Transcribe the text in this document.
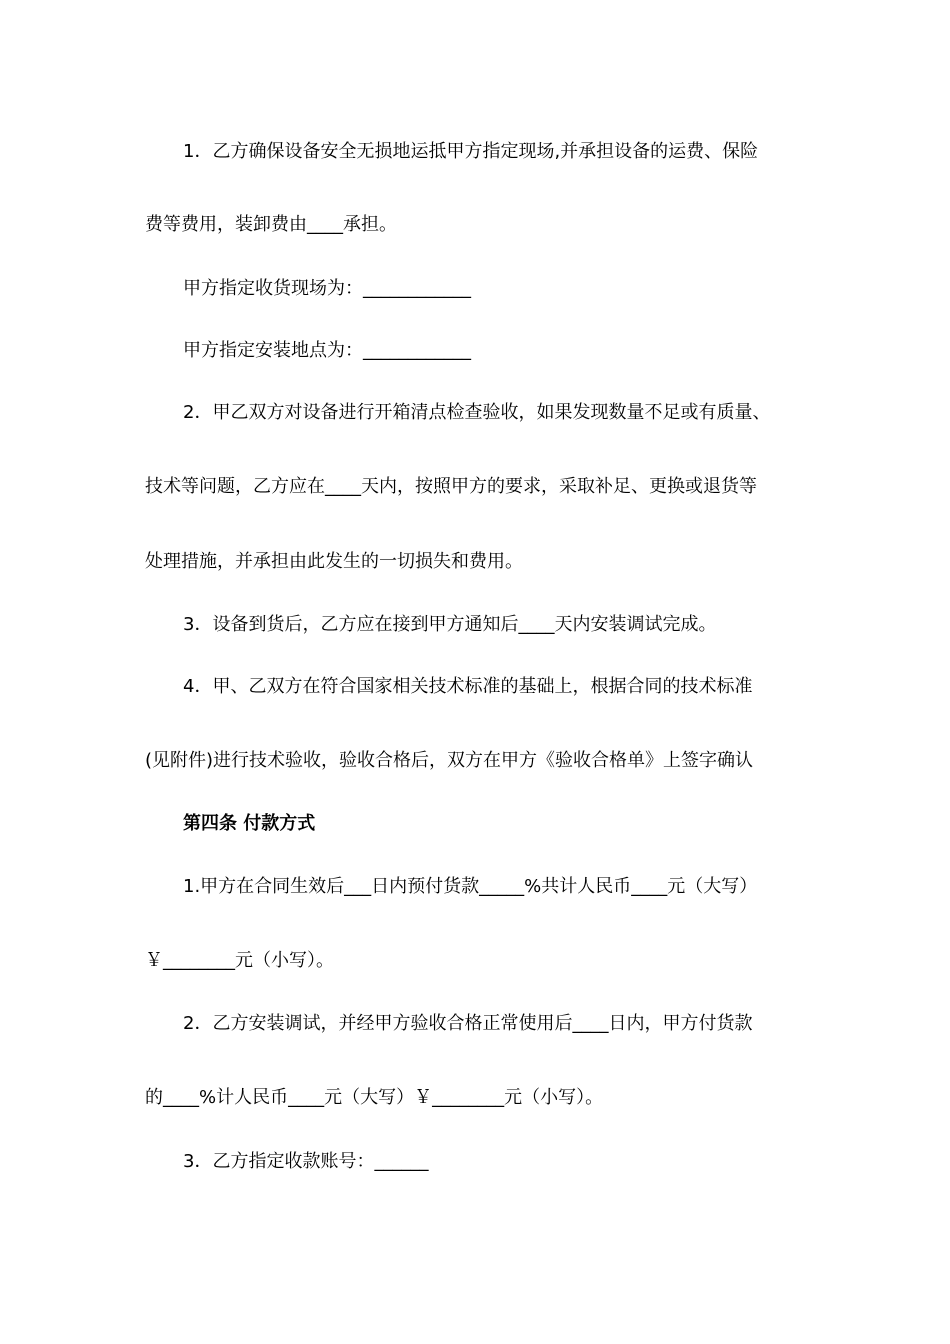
1．乙方确保设备安全无损地运抵甲方指定现场,并承担设备的运费、保险
费等费用，装卸费由____承担。
甲方指定收货现场为：____________
甲方指定安装地点为：____________
2．甲乙双方对设备进行开箱清点检查验收，如果发现数量不足或有质量、
技术等问题，乙方应在____天内，按照甲方的要求，采取补足、更换或退货等
处理措施，并承担由此发生的一切损失和费用。
3．设备到货后，乙方应在接到甲方通知后____天内安装调试完成。
4．甲、乙双方在符合国家相关技术标准的基础上，根据合同的技术标准
(见附件)进行技术验收，验收合格后，双方在甲方《验收合格单》上签字确认
第四条 付款方式
1.甲方在合同生效后___日内预付货款_____%共计人民币____元（大写）
￥________元（小写）。
2．乙方安装调试，并经甲方验收合格正常使用后____日内，甲方付货款
的____%计人民币____元（大写）￥________元（小写）。
3．乙方指定收款账号：______
